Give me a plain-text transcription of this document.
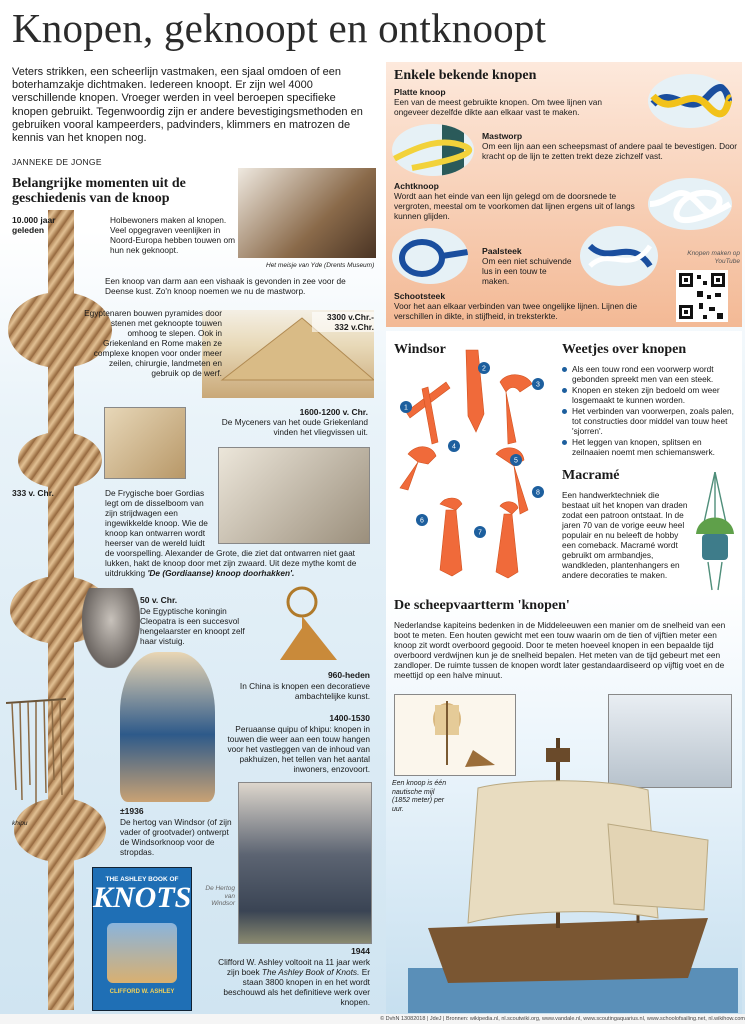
Knopen, geknoopt en ontknoopt
Veters strikken, een scheerlijn vastmaken, een sjaal omdoen of een boterhamzakje dichtmaken. Iedereen knoopt. Er zijn wel 4000 verschillende knopen. Vroeger werden in veel beroepen specifieke knopen gebruikt. Tegenwoordig zijn er andere bevestigingsmethoden en gebruiken vooral kampeerders, padvinders, klimmers en matrozen de kennis van het knopen nog.
JANNEKE DE JONGE
Belangrijke momenten uit de geschiedenis van de knoop
Het meisje van Yde (Drents Museum)
10.000 jaar geleden
Holbewoners maken al knopen. Veel opgegraven veenlijken in Noord-Europa hebben touwen om hun nek geknoopt.
Een knoop van darm aan een vishaak is gevonden in zee voor de Deense kust. Zo'n knoop noemen we nu de mastworp.
3300 v.Chr.- 332 v.Chr.
Egyptenaren bouwen pyramides door stenen met geknoopte touwen omhoog te slepen. Ook in Griekenland en Rome maken ze complexe knopen voor onder meer zeilen, chirurgie, landmeten en gebruik op de werf.
1600-1200 v. Chr.
De Myceners van het oude Griekenland vinden het vliegvissen uit.
333 v. Chr.	De Frygische boer Gordias legt om de disselboom van zijn strijdwagen een ingewikkelde knoop. Wie de knoop kan ontwarren wordt heerser van de wereld luidt
de voorspelling. Alexander de Grote, die ziet dat ontwarren niet gaat lukken, hakt de knoop door met zijn zwaard. Uit deze mythe komt de uitdrukking 'De (Gordiaanse) knoop doorhakken'.
50 v. Chr.
De Egyptische koningin Cleopatra is een succesvol hengelaarster en knoopt zelf haar vistuig.
960-heden
In China is knopen een decoratieve ambachtelijke kunst.
khipu
1400-1530
Peruaanse quipu of khipu: knopen in touwen die weer aan een touw hangen voor het vastleggen van de inhoud van pakhuizen, het tellen van het aantal inwoners, enzovoort.
±1936
De hertog van Windsor (of zijn vader of grootvader) ontwerpt de Windsorknoop voor de stropdas.
De Hertog van Windsor
THE ASHLEY BOOK OF
KNOTS
CLIFFORD W. ASHLEY
1944
Clifford W. Ashley voltooit na 11 jaar werk zijn boek The Ashley Book of Knots. Er staan 3800 knopen in en het wordt beschouwd als het definitieve werk over knopen.
Enkele bekende knopen
Platte knoop
Een van de meest gebruikte knopen. Om twee lijnen van ongeveer dezelfde dikte aan elkaar vast te maken.
Mastworp
Om een lijn aan een scheepsmast of andere paal te bevestigen. Door kracht op de lijn te zetten trekt deze zichzelf vast.
Achtknoop
Wordt aan het einde van een lijn gelegd om de doorsnede te vergroten, meestal om te voorkomen dat lijnen ergens uit of langs kunnen glijden.
Paalsteek
Om een niet schuivende lus in een touw te maken.
Knopen maken op YouTube
Schootsteek
Voor het aan elkaar verbinden van twee ongelijke lijnen. Lijnen die verschillen in dikte, in stijfheid, in treksterkte.
Windsor
1
2
3
4
5
6
7
8
Weetjes over knopen
Als een touw rond een voorwerp wordt gebonden spreekt men van een steek.
Knopen en steken zijn bedoeld om weer losgemaakt te kunnen worden.
Het verbinden van voorwerpen, zoals palen, tot constructies door middel van touw heet 'sjorren'.
Het leggen van knopen, splitsen en zeilnaaien noemt men schiemanswerk.
Macramé
Een handwerktechniek die bestaat uit het knopen van draden zodat een patroon ontstaat. In de jaren 70 van de vorige eeuw heel populair en nu beleeft de hobby een comeback. Macramé wordt gebruikt om armbandjes, wandkleden, plantenhangers en andere decoraties te maken.
De scheepvaartterm 'knopen'
Nederlandse kapiteins bedenken in de Middeleeuwen een manier om de snelheid van een boot te meten. Een houten gewicht met een touw waarin om de tien of vijftien meter een knoop zit wordt overboord gegooid. Door te meten hoeveel knopen in een bepaalde tijd overboord verdwijnen kun je de snelheid bepalen. Het meten van de tijd gebeurt met een zandloper. De ruimte tussen de knopen wordt later gestandaardiseerd op vijftig voet en de meettijd op een halve minuut.
Een knoop is één nautische mijl (1852 meter) per uur.
© DvhN 13082018 | JdeJ | Bronnen: wikipedia.nl, nl.scoutwiki.org, www.vandale.nl, www.scoutingaquarius.nl, www.schoolofsailing.net, nl.wikihow.com
